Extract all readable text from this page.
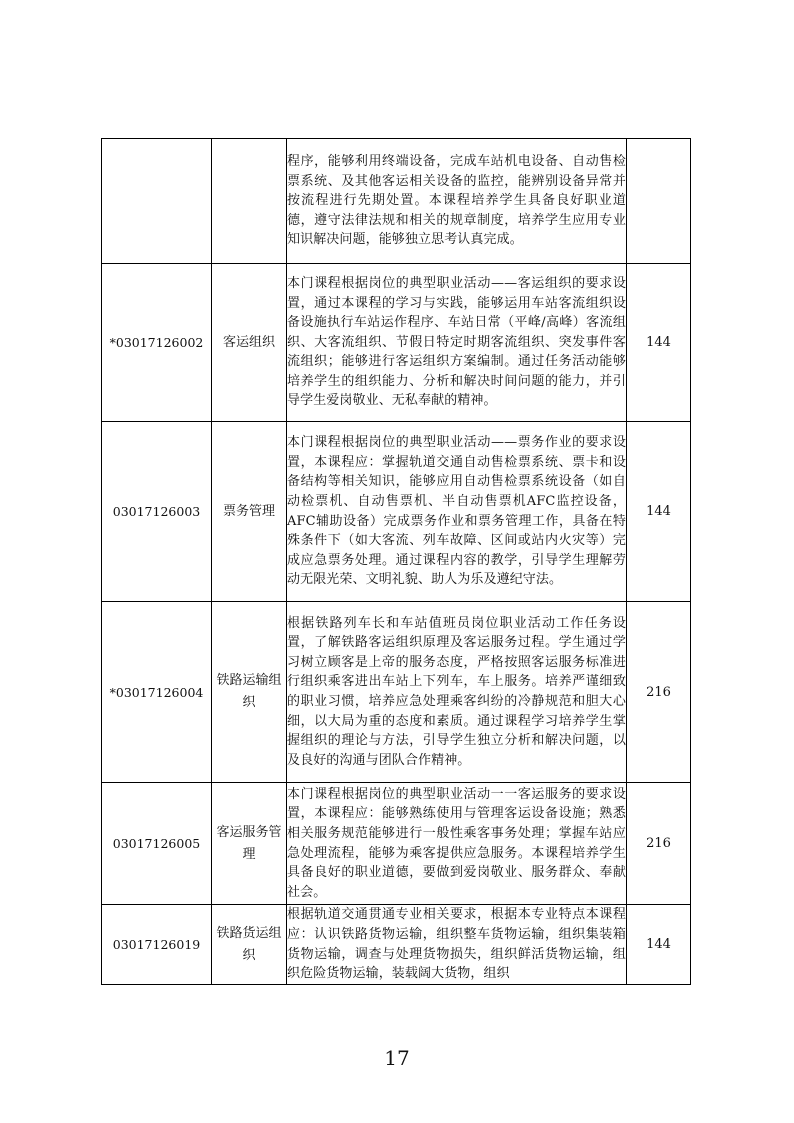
		程序，能够利用终端设备，完成车站机电设备、自动售检票系统、及其他客运相关设备的监控，能辨别设备异常并按流程进行先期处置。本课程培养学生具备良好职业道德，遵守法律法规和相关的规章制度，培养学生应用专业知识解决问题，能够独立思考认真完成。	
*03017126002	客运组织	本门课程根据岗位的典型职业活动——客运组织的要求设置，通过本课程的学习与实践，能够运用车站客流组织设备设施执行车站运作程序、车站日常（平峰/高峰）客流组织、大客流组织、节假日特定时期客流组织、突发事件客流组织；能够进行客运组织方案编制。通过任务活动能够培养学生的组织能力、分析和解决时间问题的能力，并引导学生爱岗敬业、无私奉献的精神。	144
03017126003	票务管理	本门课程根据岗位的典型职业活动——票务作业的要求设置，本课程应：掌握轨道交通自动售检票系统、票卡和设备结构等相关知识，能够应用自动售检票系统设备（如自动检票机、自动售票机、半自动售票机AFC监控设备，AFC辅助设备）完成票务作业和票务管理工作，具备在特殊条件下（如大客流、列车故障、区间或站内火灾等）完成应急票务处理。通过课程内容的教学，引导学生理解劳动无限光荣、文明礼貌、助人为乐及遵纪守法。	144
*03017126004	铁路运输组织	根据铁路列车长和车站值班员岗位职业活动工作任务设置，了解铁路客运组织原理及客运服务过程。学生通过学习树立顾客是上帝的服务态度，严格按照客运服务标准进行组织乘客进出车站上下列车，车上服务。培养严谨细致的职业习惯，培养应急处理乘客纠纷的冷静规范和胆大心细，以大局为重的态度和素质。通过课程学习培养学生掌握组织的理论与方法，引导学生独立分析和解决问题，以及良好的沟通与团队合作精神。	216
03017126005	客运服务管理	本门课程根据岗位的典型职业活动一一客运服务的要求设置，本课程应：能够熟练使用与管理客运设备设施；熟悉相关服务规范能够进行一般性乘客事务处理；掌握车站应急处理流程，能够为乘客提供应急服务。本课程培养学生具备良好的职业道德，要做到爱岗敬业、服务群众、奉献社会。	216
03017126019	铁路货运组织	根据轨道交通贯通专业相关要求，根据本专业特点本课程应：认识铁路货物运输，组织整车货物运输，组织集装箱货物运输，调查与处理货物损失，组织鲜活货物运输，组织危险货物运输，装载阔大货物，组织	144
17
